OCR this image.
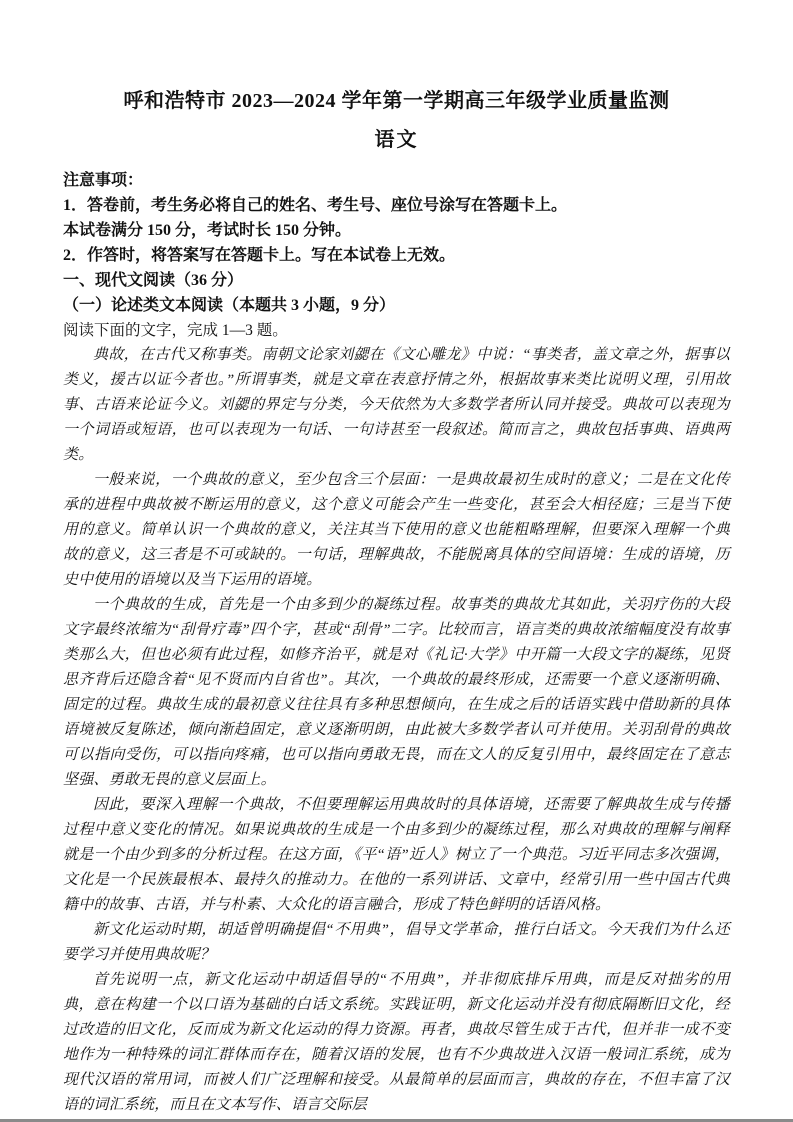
呼和浩特市 2023—2024 学年第一学期高三年级学业质量监测
语文

注意事项：

1．答卷前，考生务必将自己的姓名、考生号、座位号涂写在答题卡上。

本试卷满分 150 分，考试时长 150 分钟。

2．作答时，将答案写在答题卡上。写在本试卷上无效。

一、现代文阅读（36 分）

（一）论述类文本阅读（本题共 3 小题，9 分）

阅读下面的文字，完成 1—3 题。

典故，在古代又称事类。南朝文论家刘勰在《文心雕龙》中说：“事类者，盖文章之外，据事以类义，援古以证今者也。”所谓事类，就是文章在表意抒情之外，根据故事来类比说明义理，引用故事、古语来论证今义。刘勰的界定与分类，今天依然为大多数学者所认同并接受。典故可以表现为一个词语或短语，也可以表现为一句话、一句诗甚至一段叙述。简而言之，典故包括事典、语典两类。

一般来说，一个典故的意义，至少包含三个层面：一是典故最初生成时的意义；二是在文化传承的进程中典故被不断运用的意义，这个意义可能会产生一些变化，甚至会大相径庭；三是当下使用的意义。简单认识一个典故的意义，关注其当下使用的意义也能粗略理解，但要深入理解一个典故的意义，这三者是不可或缺的。一句话，理解典故，不能脱离具体的空间语境：生成的语境，历史中使用的语境以及当下运用的语境。

一个典故的生成，首先是一个由多到少的凝练过程。故事类的典故尤其如此，关羽疗伤的大段文字最终浓缩为“刮骨疗毒”四个字，甚或“刮骨”二字。比较而言，语言类的典故浓缩幅度没有故事类那么大，但也必须有此过程，如修齐治平，就是对《礼记·大学》中开篇一大段文字的凝练，见贤思齐背后还隐含着“见不贤而内自省也”。其次，一个典故的最终形成，还需要一个意义逐渐明确、固定的过程。典故生成的最初意义往往具有多种思想倾向，在生成之后的话语实践中借助新的具体语境被反复陈述，倾向渐趋固定，意义逐渐明朗，由此被大多数学者认可并使用。关羽刮骨的典故可以指向受伤，可以指向疼痛，也可以指向勇敢无畏，而在文人的反复引用中，最终固定在了意志坚强、勇敢无畏的意义层面上。

因此，要深入理解一个典故，不但要理解运用典故时的具体语境，还需要了解典故生成与传播过程中意义变化的情况。如果说典故的生成是一个由多到少的凝练过程，那么对典故的理解与阐释就是一个由少到多的分析过程。在这方面，《平“语”近人》树立了一个典范。习近平同志多次强调，文化是一个民族最根本、最持久的推动力。在他的一系列讲话、文章中，经常引用一些中国古代典籍中的故事、古语，并与朴素、大众化的语言融合，形成了特色鲜明的话语风格。

新文化运动时期，胡适曾明确提倡“不用典”，倡导文学革命，推行白话文。今天我们为什么还要学习并使用典故呢？

首先说明一点，新文化运动中胡适倡导的“不用典”，并非彻底排斥用典，而是反对拙劣的用典，意在构建一个以口语为基础的白话文系统。实践证明，新文化运动并没有彻底隔断旧文化，经过改造的旧文化，反而成为新文化运动的得力资源。再者，典故尽管生成于古代，但并非一成不变地作为一种特殊的词汇群体而存在，随着汉语的发展，也有不少典故进入汉语一般词汇系统，成为现代汉语的常用词，而被人们广泛理解和接受。从最简单的层面而言，典故的存在，不但丰富了汉语的词汇系统，而且在文本写作、语言交际层
